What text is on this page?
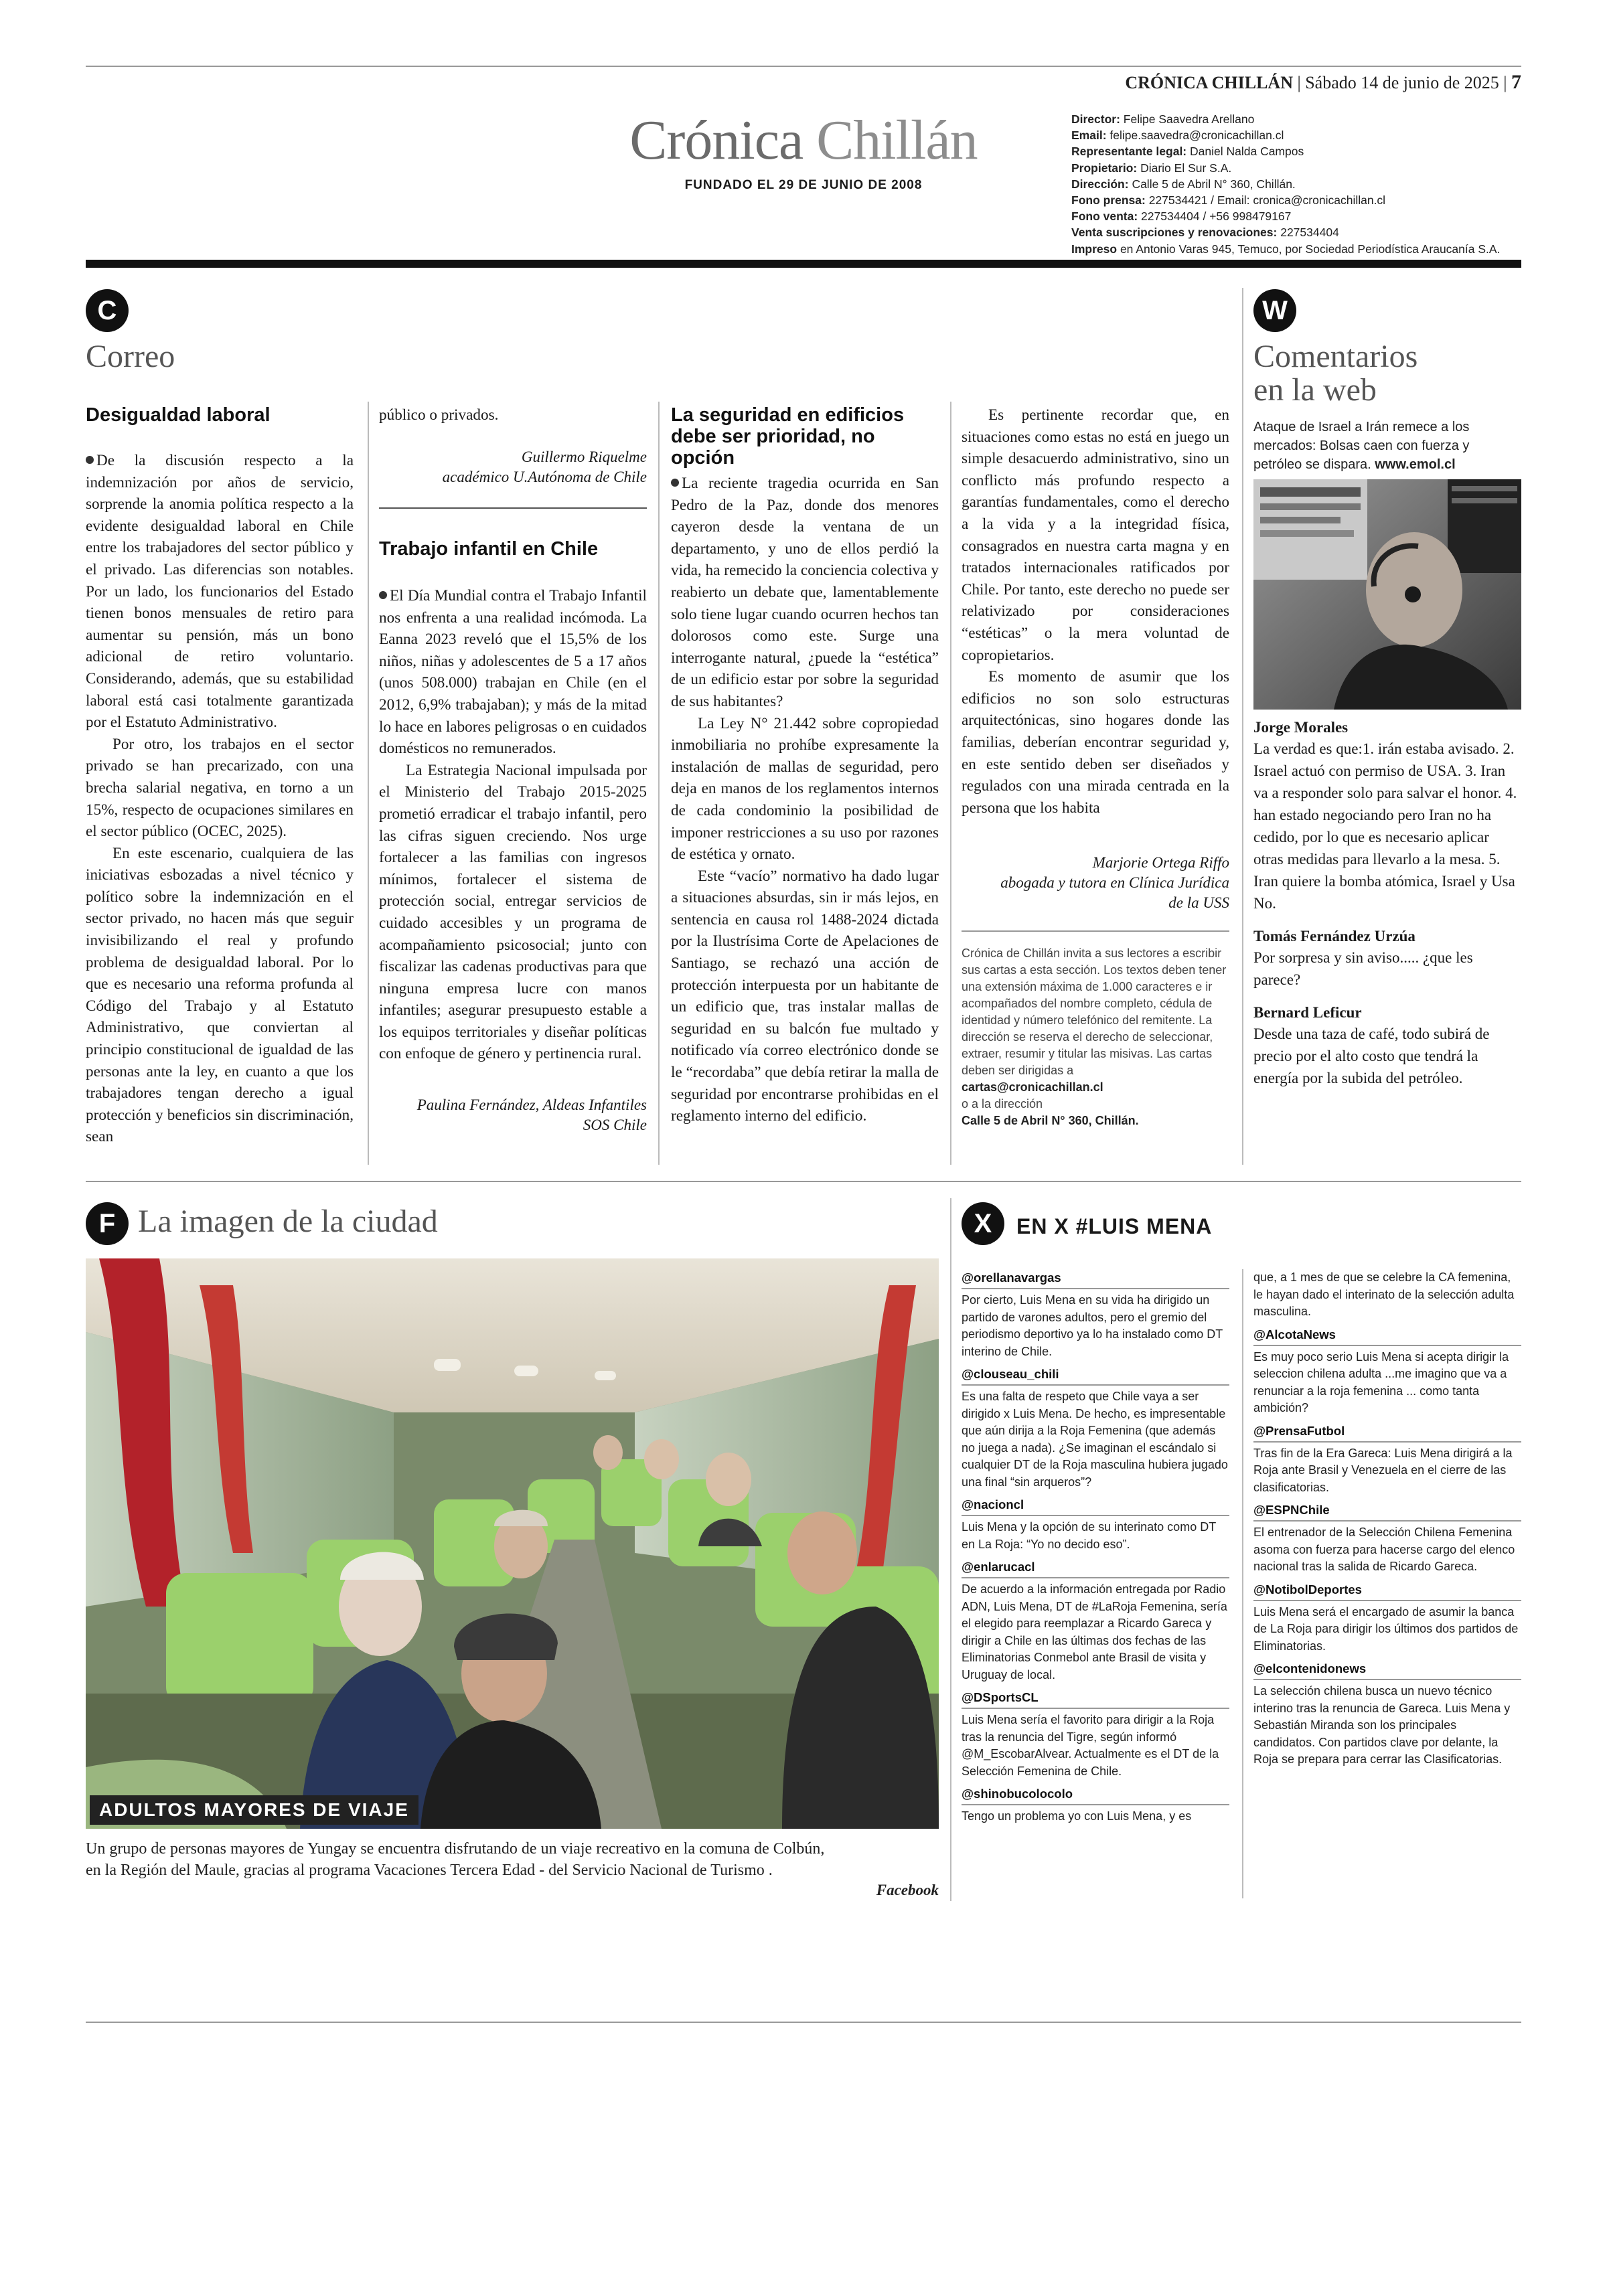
CRÓNICA CHILLÁN | Sábado 14 de junio de 2025 | 7
Crónica Chillán
FUNDADO EL 29 DE JUNIO DE 2008
Director: Felipe Saavedra Arellano
Email: felipe.saavedra@cronicachillan.cl
Representante legal: Daniel Nalda Campos
Propietario: Diario El Sur S.A.
Dirección: Calle 5 de Abril N° 360, Chillán.
Fono prensa: 227534421 / Email: cronica@cronicachillan.cl
Fono venta: 227534404 / +56 998479167
Venta suscripciones y renovaciones: 227534404
Impreso en Antonio Varas 945, Temuco, por Sociedad Periodística Araucanía S.A.
C
Correo
Desigualdad laboral

De la discusión respecto a la indemnización por años de servicio, sorprende la anomia política respecto a la evidente desigualdad laboral en Chile entre los trabajadores del sector público y el privado. Las diferencias son notables. Por un lado, los funcionarios del Estado tienen bonos mensuales de retiro para aumentar su pensión, más un bono adicional de retiro voluntario. Considerando, además, que su estabilidad laboral está casi totalmente garantizada por el Estatuto Administrativo.

Por otro, los trabajos en el sector privado se han precarizado, con una brecha salarial negativa, en torno a un 15%, respecto de ocupaciones similares en el sector público (OCEC, 2025).

En este escenario, cualquiera de las iniciativas esbozadas a nivel técnico y político sobre la indemnización en el sector privado, no hacen más que seguir invisibilizando el real y profundo problema de desigualdad laboral. Por lo que es necesario una reforma profunda al Código del Trabajo y al Estatuto Administrativo, que conviertan al principio constitucional de igualdad de las personas ante la ley, en cuanto a que los trabajadores tengan derecho a igual protección y beneficios sin discriminación, sean

público o privados.

Guillermo Riquelme
académico U.Autónoma de Chile
Trabajo infantil en Chile

El Día Mundial contra el Trabajo Infantil nos enfrenta a una realidad incómoda. La Eanna 2023 reveló que el 15,5% de los niños, niñas y adolescentes de 5 a 17 años (unos 508.000) trabajan en Chile (en el 2012, 6,9% trabajaban); y más de la mitad lo hace en labores peligrosas o en cuidados domésticos no remunerados.

La Estrategia Nacional impulsada por el Ministerio del Trabajo 2015-2025 prometió erradicar el trabajo infantil, pero las cifras siguen creciendo. Nos urge fortalecer a las familias con ingresos mínimos, fortalecer el sistema de protección social, entregar servicios de cuidado accesibles y un programa de acompañamiento psicosocial; junto con fiscalizar las cadenas productivas para que ninguna empresa lucre con manos infantiles; asegurar presupuesto estable a los equipos territoriales y diseñar políticas con enfoque de género y pertinencia rural.

Paulina Fernández, Aldeas Infantiles
SOS Chile
La seguridad en edificios debe ser prioridad, no opción

La reciente tragedia ocurrida en San Pedro de la Paz, donde dos menores cayeron desde la ventana de un departamento, y uno de ellos perdió la vida, ha remecido la conciencia colectiva y reabierto un debate que, lamentablemente solo tiene lugar cuando ocurren hechos tan dolorosos como este. Surge una interrogante natural, ¿puede la “estética” de un edificio estar por sobre la seguridad de sus habitantes?

La Ley N° 21.442 sobre copropiedad inmobiliaria no prohíbe expresamente la instalación de mallas de seguridad, pero deja en manos de los reglamentos internos de cada condominio la posibilidad de imponer restricciones a su uso por razones de estética y ornato.

Este “vacío” normativo ha dado lugar a situaciones absurdas, sin ir más lejos, en sentencia en causa rol 1488-2024 dictada por la Ilustrísima Corte de Apelaciones de Santiago, se rechazó una acción de protección interpuesta por un habitante de un edificio que, tras instalar mallas de seguridad en su balcón fue multado y notificado vía correo electrónico donde se le “recordaba” que debía retirar la malla de seguridad por encontrarse prohibidas en el reglamento interno del edificio.

Es pertinente recordar que, en situaciones como estas no está en juego un simple desacuerdo administrativo, sino un conflicto más profundo respecto a garantías fundamentales, como el derecho a la vida y a la integridad física, consagrados en nuestra carta magna y en tratados internacionales ratificados por Chile. Por tanto, este derecho no puede ser relativizado por consideraciones “estéticas” o la mera voluntad de copropietarios.

Es momento de asumir que los edificios no son solo estructuras arquitectónicas, sino hogares donde las familias, deberían encontrar seguridad y, en este sentido deben ser diseñados y regulados con una mirada centrada en la persona que los habita

Marjorie Ortega Riffo
abogada y tutora en Clínica Jurídica
de la USS
Crónica de Chillán invita a sus lectores a escribir sus cartas a esta sección. Los textos deben tener una extensión máxima de 1.000 caracteres e ir acompañados del nombre completo, cédula de identidad y número telefónico del remitente. La dirección se reserva el derecho de seleccionar, extraer, resumir y titular las misivas. Las cartas deben ser dirigidas a
cartas@cronicachillan.cl
o a la dirección
Calle 5 de Abril N° 360, Chillán.
W
Comentarios
en la web
Ataque de Israel a Irán remece a los mercados: Bolsas caen con fuerza y petróleo se dispara. www.emol.cl
Jorge Morales
La verdad es que:1. irán estaba avisado. 2. Israel actuó con permiso de USA. 3. Iran va a responder solo para salvar el honor. 4. han estado negociando pero Iran no ha cedido, por lo que es necesario aplicar otras medidas para llevarlo a la mesa. 5. Iran quiere la bomba atómica, Israel y Usa No.
Tomás Fernández Urzúa
Por sorpresa y sin aviso..... ¿que les parece?
Bernard Leficur
Desde una taza de café, todo subirá de precio por el alto costo que tendrá la energía por la subida del petróleo.
F La imagen de la ciudad
ADULTOS MAYORES DE VIAJE
Un grupo de personas mayores de Yungay se encuentra disfrutando de un viaje recreativo en la comuna de Colbún,
en la Región del Maule, gracias al programa Vacaciones Tercera Edad - del Servicio Nacional de Turismo .
Facebook
X	EN X #LUIS MENA
@orellanavargas
Por cierto, Luis Mena en su vida ha dirigido un partido de varones adultos, pero el gremio del periodismo deportivo ya lo ha instalado como DT interino de Chile.
@clouseau_chili
Es una falta de respeto que Chile vaya a ser dirigido x Luis Mena. De hecho, es impresentable que aún dirija a la Roja Femenina (que además no juega a nada). ¿Se imaginan el escándalo si cualquier DT de la Roja masculina hubiera jugado una final “sin arqueros”?
@nacioncl
Luis Mena y la opción de su interinato como DT en La Roja: “Yo no decido eso”.
@enlarucacl
De acuerdo a la información entregada por Radio ADN, Luis Mena, DT de #LaRoja Femenina, sería el elegido para reemplazar a Ricardo Gareca y dirigir a Chile en las últimas dos fechas de las Eliminatorias Conmebol ante Brasil de visita y Uruguay de local.
@DSportsCL
Luis Mena sería el favorito para dirigir a la Roja tras la renuncia del Tigre, según informó @M_EscobarAlvear. Actualmente es el DT de la Selección Femenina de Chile.
@shinobucolocolo
Tengo un problema yo con Luis Mena, y es
que, a 1 mes de que se celebre la CA femenina, le hayan dado el interinato de la selección adulta masculina.
@AlcotaNews
Es muy poco serio Luis Mena si acepta dirigir la seleccion chilena adulta ...me imagino que va a renunciar a la roja femenina ... como tanta ambición?
@PrensaFutbol
Tras fin de la Era Gareca: Luis Mena dirigirá a la Roja ante Brasil y Venezuela en el cierre de las clasificatorias.
@ESPNChile
El entrenador de la Selección Chilena Femenina asoma con fuerza para hacerse cargo del elenco nacional tras la salida de Ricardo Gareca.
@NotibolDeportes
Luis Mena será el encargado de asumir la banca de La Roja para dirigir los últimos dos partidos de Eliminatorias.
@elcontenidonews
La selección chilena busca un nuevo técnico interino tras la renuncia de Gareca. Luis Mena y Sebastián Miranda son los principales candidatos. Con partidos clave por delante, la Roja se prepara para cerrar las Clasificatorias.
